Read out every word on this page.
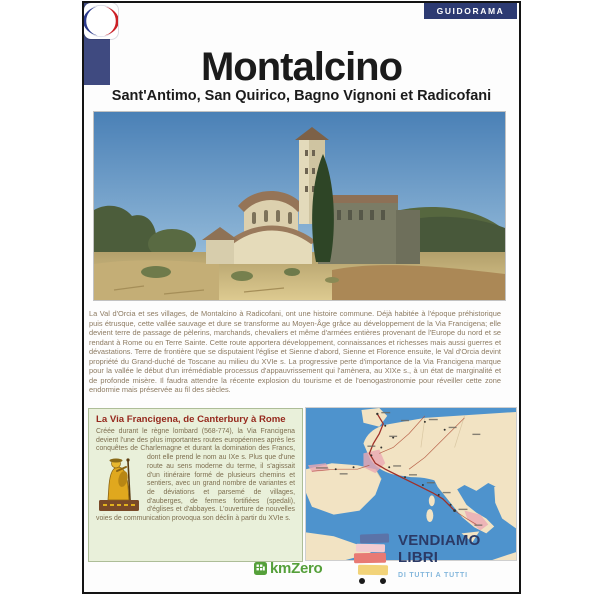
GUIDORAMA
Montalcino
Sant'Antimo, San Quirico, Bagno Vignoni et Radicofani
La Val d'Orcia et ses villages, de Montalcino à Radicofani, ont une histoire commune. Déjà habitée à l'époque préhistorique puis étrusque, cette vallée sauvage et dure se transforme au Moyen-Âge grâce au développement de la Via Francigena; elle devient terre de passage de pèlerins, marchands, chevaliers et même d'armées entières provenant de l'Europe du nord et se rendant à Rome ou en Terre Sainte. Cette route apportera développement, connaissances et richesses mais aussi guerres et dévastations. Terre de frontière que se disputaient l'église et Sienne d'abord, Sienne et Florence ensuite, le Val d'Orcia devint propriété du Grand-duché de Toscane au milieu du XVIe s. La progressive perte d'importance de la Via Francigena marque pour la vallée le début d'un irrémédiable processus d'appauvrissement qui l'amènera, au XIXe s., à un état de marginalité et de profonde misère. Il faudra attendre la récente explosion du tourisme et de l'oenogastronomie pour réveiller cette zone endormie mais préservée au fil des siècles.
La Via Francigena, de Canterbury à Rome
Créée durant le règne lombard (568-774), la Via Francigena devient l'une des plus importantes routes européennes après les conquêtes de Charlemagne et durant la domination des Francs, dont elle prend le
nom au IXe s. Plus que d'une route au sens moderne du terme, il s'agissait d'un itinéraire formé de plusieurs chemins et sentiers, avec un grand nombre de variantes et de déviations et parsemé de villages, d'auberges, de fermes fortifiées (spedali), d'églises et d'abbayes. L'ouverture de nouvelles voies de communication provoqua son déclin à partir du XVIe s.
VENDIAMO
LIBRI
DI TUTTI A TUTTI
kmZero
